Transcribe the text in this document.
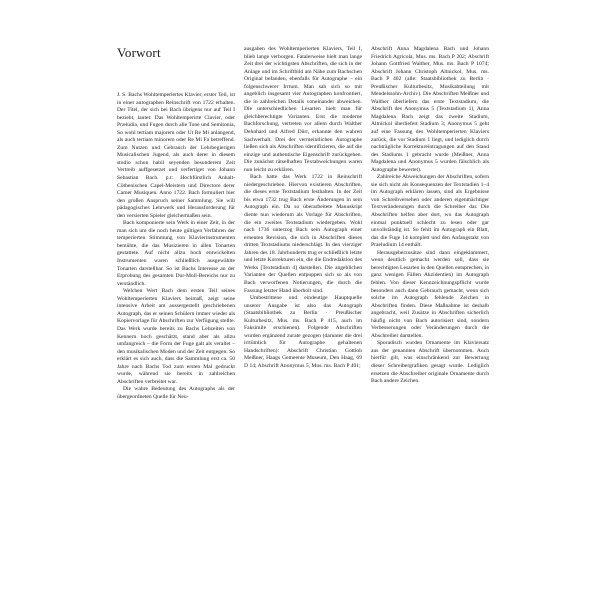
Vorwort

J. S. Bachs Wohltemperiertes Klavier, erster Teil, ist in einer autographen Reinschrift von 1722 erhalten. Der Titel, der sich bei Bach übrigens nur auf Teil I bezieht, lautet: Das Wohltemperirte Clavier, oder Præludia, und Fugen durch alle Tone und Semitonia, So wohl tertiam majorem oder Ut Re Mi anlangend, als auch tertiam minorem oder Re Mi Fa betreffend. Zum Nutzen und Gebrauch der Lehrbegierigen Musicalischen Jugend, als auch derer in diesem studio schon habil seyenden besonderem Zeit Vertreib auffgesetzet und verfertiget von Johann Sebastian Bach. p.t: Hochfürstlich Anhalt-Cöthenischen Capel-Meistern und Directore derer Camer Musiquen. Anno 1722. Bach formuliert hier den großen Anspruch seiner Sammlung. Sie will pädagogisches Lehrwerk und Herausforderung für den versierten Spieler gleichermaßen sein.

Bach komponierte sein Werk in einer Zeit, in der man sich um die noch heute gültigen Verfahren der temperierten Stimmung von Klavierinstrumenten bemühte, die das Musizieren in allen Tonarten gestattete. Auf nicht allzu hoch entwickelten Instrumenten waren schließlich ausgewählte Tonarten darstellbar. So ist Bachs Interesse an der Erprobung des gesamten Dur-Moll-Bereichs nur zu verständlich.

Welchen Wert Bach dem ersten Teil seines Wohltemperierten Klaviers beimaß, zeigt seine intensive Arbeit am aussergestellt geschriebenen Autograph, das er seinen Schülern immer wieder als Kopiervorlage für Abschriften zur Verfügung stellte. Das Werk wurde bereits zu Bachs Lebzeiten von Kennern hoch geschätzt, stand aber als allzu umfangreich – die Form der Fuge galt als veraltet – den musikalischen Moden und der Zeit entgegen. So erklärt es sich auch, dass die Sammlung erst ca. 50 Jahre nach Bachs Tod zum ersten Mal gedruckt wurde, während sie bereits in zahlreichen Abschriften verbreitet war.

Die wahre Bedeutung des Autographs als der übergeordneten Quelle für Neu-

ausgaben des Wohltemperierten Klaviers, Teil I, blieb lange verborgen. Fatalerweise hielt man lange Zeit drei der wichtigsten Abschriften, die sich in der Anlage und im Schriftbild am Nähe zum Bachschen Original befanden, ebenfalls für Autographe – ein folgenschwerer Irrtum. Man sah sich so mit angeblich insgesamt vier Autographen konfrontiert, die in zahlreichen Details voneinander abweichen. Die unterschiedlichen Lesarten hielt man für gleichberechtigte Varianten. Erst die moderne Bachforschung, vertreten vor allem durch Walther Dehnhard und Alfred Dürr, erkannte den wahren Sachverhalt. Drei der vermeintlichen Autographe ließen sich als Abschriften identifizieren, die auf die einzige und authentische Eigenschrift zurückgehen. Die zunächst rätselhaften Textabweichungen waren nun leicht zu erklären.

Bach hatte das Werk 1722 in Reinschrift niedergeschrieben. Hiervon existieren Abschriften, die dieses erste Textstadium festhalten. In der Zeit bis etwa 1732 trug Bach erste Änderungen in sein Autograph ein. Da so überarbeitete Manuskript diente nun wiederum als Vorlage für Abschriften, die ein zweites Textstadium wiedergeben. Wohl nach 1736 unterzog Bach sein Autograph einer erneuten Revision, die sich in Abschriften dieses dritten Textstadiums niederschlägt. In den vierziger Jahren des 18. Jahrhunderts trug er schließlich letzte und letzte Korrekturen ein, die die Endredaktion des Werks [Textstadium 4] darstellen. Die angeblichen Varianten der Quellen entpuppen sich so als von Bach verworfenen Notierungen, die durch die Fassung letzter Hand überholt sind.

Umbestrittene und eindeutige Hauptquelle unserer Ausgabe ist also das Autograph (Staatsbibliothek zu Berlin · Preußischer Kulturbesitz, Mus. ms. Bach P 415, auch im Faksimile erschienen). Folgende Abschriften wurden ergänzend zurate gezogen (darunter die drei irrtümlich für Autographe gehaltenen Handschriften): Abschrift Christian Gottlob Meißner, Haags Gemeente Museum, Den Haag, 69 D 14; Abschrift Anonymus 5, Mus. ms. Bach P 401;

Abschrift Anna Magdalena Bach und Johann Friedrich Agricola, Mus. ms. Bach P 202; Abschrift Johann Gottfried Walther, Mus. ms. Bach P 1074; Abschrift Johann Christoph Altnickol, Mus. ms. Bach P 402 (alle: Staatsbibliothek zu Berlin · Preußischer Kulturbesitz, Musikabteilung mit Mendelssohn-Archiv). Die Abschriften Meißner und Walther überliefern das erste Textstadium, die Abschrift des Anonymus 5 (Textstadium 1), Anna Magdalena Bach zeigt das zweite Stadium, Altnickol überliefert Stadium 3; Anonymus 5 geht auf eine Fassung des Wohltemperierten Klaviers zurück, die vor Stadium 1 liegt, und lediglich durch nachträgliche Korrektureintragungen auf den Stand des Stadiums 1 gebracht wurde (Meißner, Anna Magdalena und Anonymus 5 wurden fälschlich als Autographe bewertet).

Zahlreiche Abweichungen der Abschriften, sofern sie sich nicht als Konsequenzen der Textstadien 1–4 im Autograph erklären lassen, sind als Ergebnisse von Schreibversehen oder anderen eigenmächtiger Textveränderungen durch die Schreiber dar. Die Abschriften helfen aber dort, wo das Autograph einmal punktuell schlecht zu lesen oder gar unvollständig ist. So fehlt im Autograph ein Blatt, das die Fuge 14 komplett und den Anfangstakt von Praeludium 14 enthält.

Herausgeberzusätze sind dann eingeklammert, wenn deutlich gemacht werden soll, dass sie berechtigten Lesarten in den Quellen entsprechen, in ganz wenigen Fällen Akzidentien) im Autograph fehlen. Von dieser Kennzeichnungspflicht wurde besonders auch dann Gebrauch gemacht, wenn sich solche im Autograph fehlende Zeichen in Abschriften finden. Diese Maßnahme ist deshalb angebracht, weil Zusätze in Abschriften sicherlich häufig nicht von Bach autorisiert sind, sondern Verbesserungen oder Veränderungen durch die Abschreiber darstellen.

Sporadisch wurden Ornamente im Klaviersatz aus der genannten Abschrift übernommen. Auch hierfür gilt, was einschränkend zur Bewertung dieser Schreibergrafiken gesagt wurde. Lediglich ersetzen die Abschreiber originale Ornamente durch Bach andere Zeichen.
